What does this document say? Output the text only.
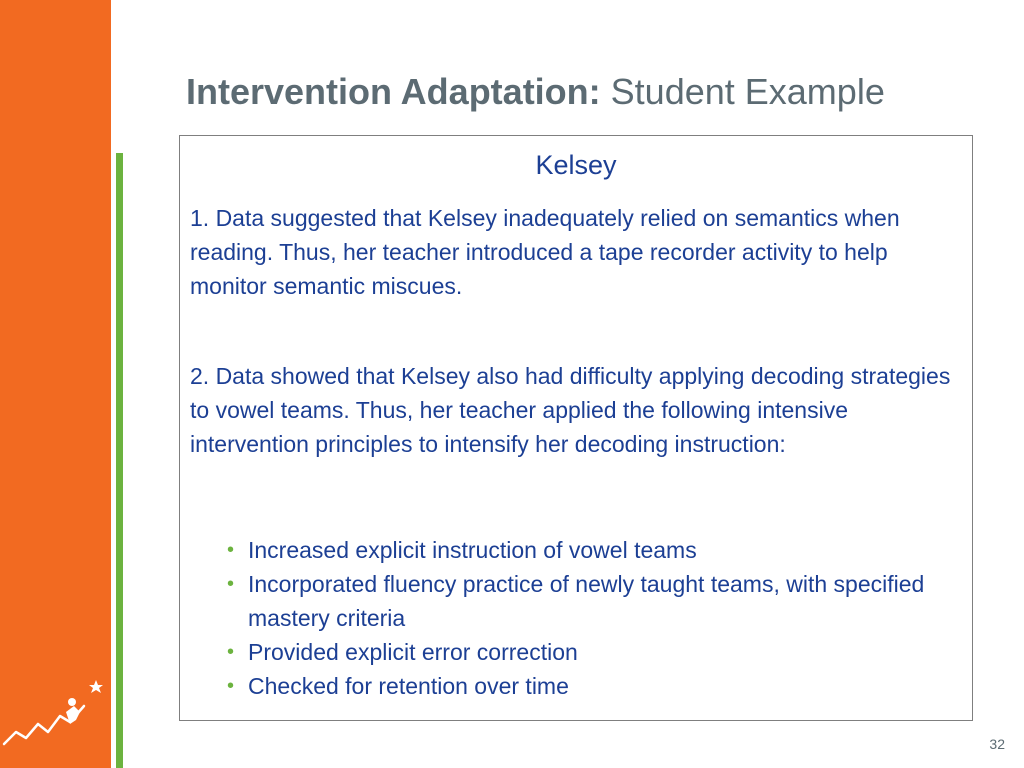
Intervention Adaptation: Student Example
Kelsey
1. Data suggested that Kelsey inadequately relied on semantics when reading. Thus, her teacher introduced a tape recorder activity to help monitor semantic miscues.
2. Data showed that Kelsey also had difficulty applying decoding strategies to vowel teams. Thus, her teacher applied the following intensive intervention principles to intensify her decoding instruction:
• Increased explicit instruction of vowel teams
• Incorporated fluency practice of newly taught teams, with specified mastery criteria
• Provided explicit error correction
• Checked for retention over time
32
